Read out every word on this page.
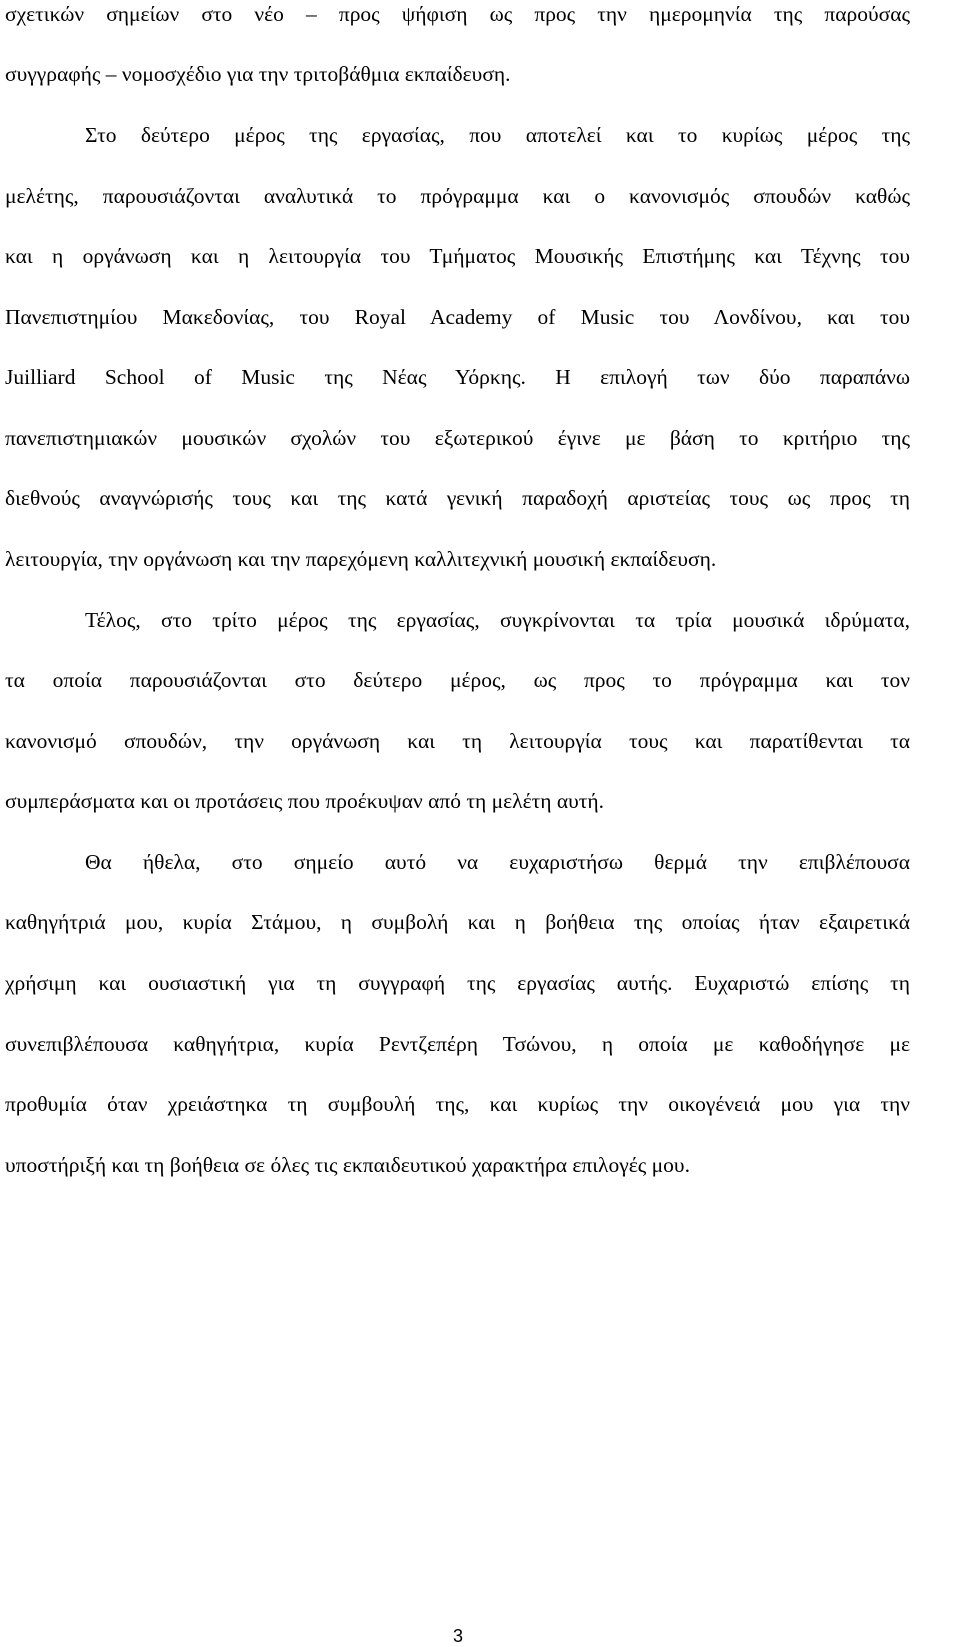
σχετικών σημείων στο νέο – προς ψήφιση ως προς την ημερομηνία της παρούσας
συγγραφής – νομοσχέδιο για την τριτοβάθμια εκπαίδευση.
Στο δεύτερο μέρος της εργασίας, που αποτελεί και το κυρίως μέρος της
μελέτης, παρουσιάζονται αναλυτικά το πρόγραμμα και ο κανονισμός σπουδών καθώς
και η οργάνωση και η λειτουργία του Τμήματος Μουσικής Επιστήμης και Τέχνης του
Πανεπιστημίου Μακεδονίας, του Royal Academy of Music του Λονδίνου, και του
Juilliard School of Music της Νέας Υόρκης. Η επιλογή των δύο παραπάνω
πανεπιστημιακών μουσικών σχολών του εξωτερικού έγινε με βάση το κριτήριο της
διεθνούς αναγνώρισής τους και της κατά γενική παραδοχή αριστείας τους ως προς τη
λειτουργία, την οργάνωση και την παρεχόμενη καλλιτεχνική μουσική εκπαίδευση.
Τέλος, στο τρίτο μέρος της εργασίας, συγκρίνονται τα τρία μουσικά ιδρύματα,
τα οποία παρουσιάζονται στο δεύτερο μέρος, ως προς το πρόγραμμα και τον
κανονισμό σπουδών, την οργάνωση και τη λειτουργία τους και παρατίθενται τα
συμπεράσματα και οι προτάσεις που προέκυψαν από τη μελέτη αυτή.
Θα ήθελα, στο σημείο αυτό να ευχαριστήσω θερμά την επιβλέπουσα
καθηγήτριά μου, κυρία Στάμου, η συμβολή και η βοήθεια της οποίας ήταν εξαιρετικά
χρήσιμη και ουσιαστική για τη συγγραφή της εργασίας αυτής. Ευχαριστώ επίσης τη
συνεπιβλέπουσα καθηγήτρια, κυρία Ρεντζεπέρη Τσώνου, η οποία με καθοδήγησε με
προθυμία όταν χρειάστηκα τη συμβουλή της, και κυρίως την οικογένειά μου για την
υποστήριξή και τη βοήθεια σε όλες τις εκπαιδευτικού χαρακτήρα επιλογές μου.
3
